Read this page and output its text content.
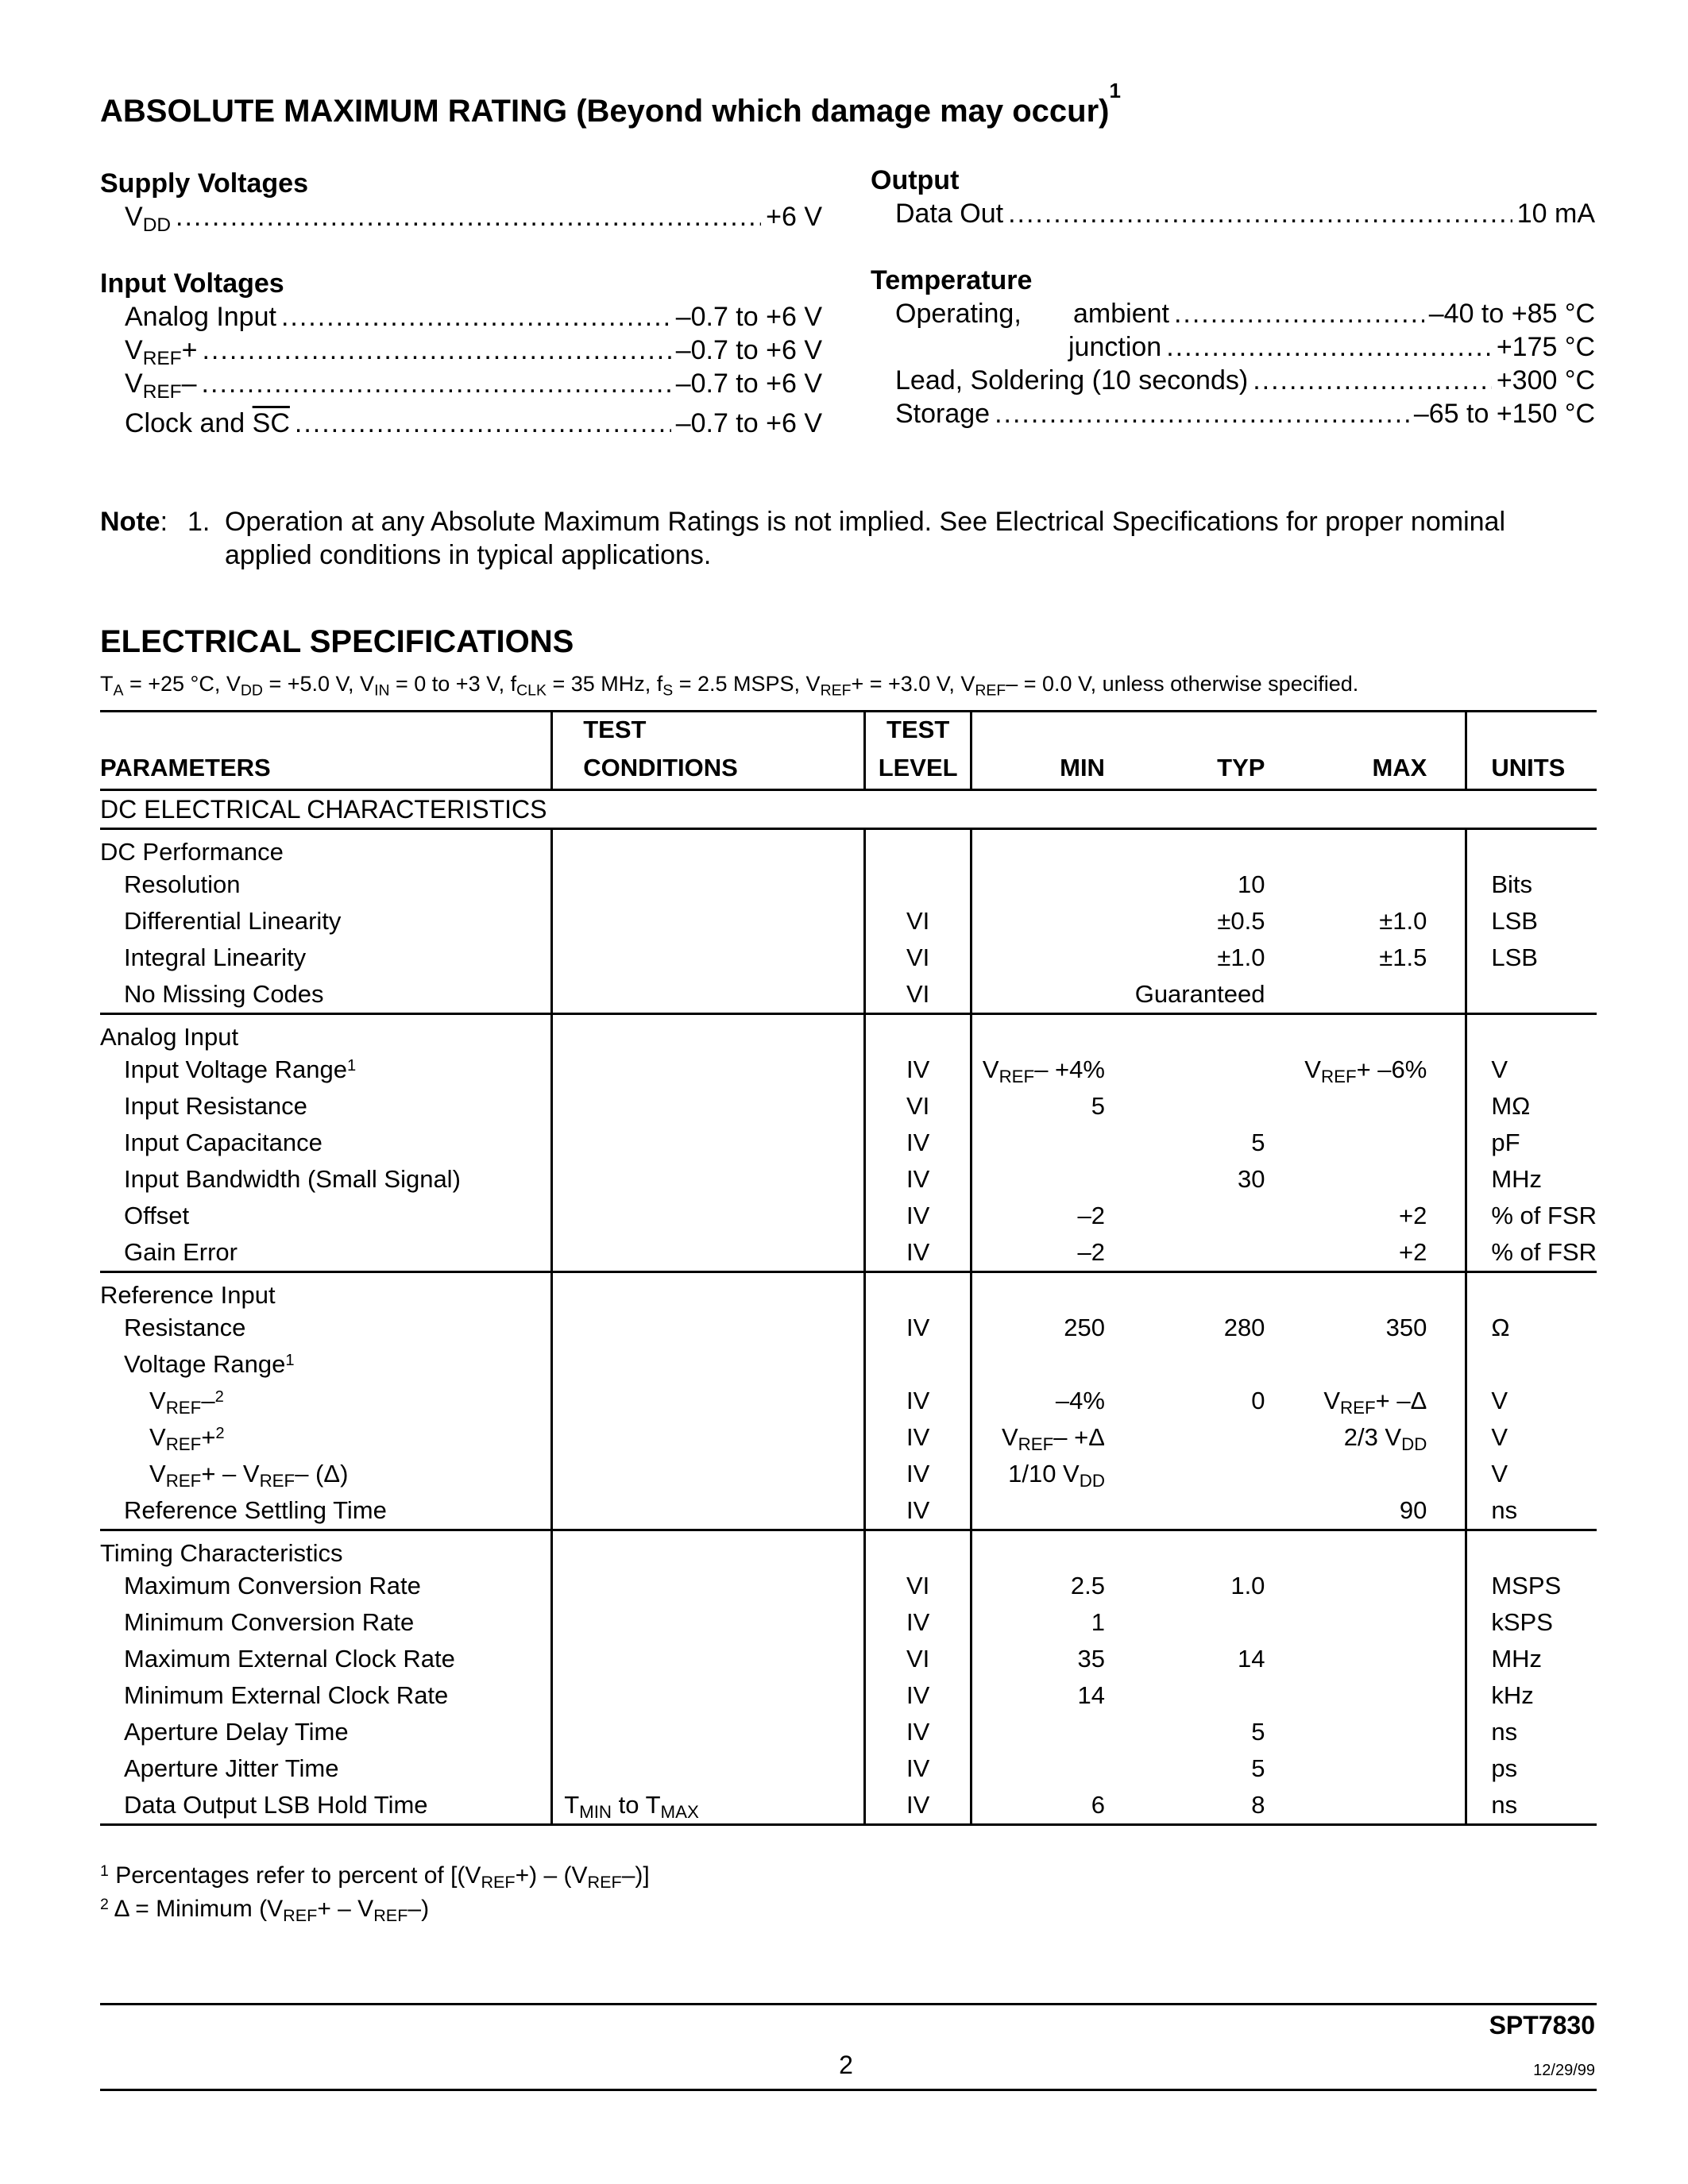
ABSOLUTE MAXIMUM RATING (Beyond which damage may occur)$^1$
Supply Voltages
$V_{DD}$ .....	+6 V
Input Voltages
Analog Input .....	–0.7 to +6 V
$V_{REF}+$ .....	–0.7 to +6 V
$V_{REF}-$ .....	–0.7 to +6 V
Clock and $\overline{SC}$ .....	–0.7 to +6 V
Output
Data Out .....	10 mA
Temperature
Operating,	ambient .....	–40 to +85 °C
junction .....	+175 °C
Lead, Soldering (10 seconds) .....	+300 °C
Storage .....	–65 to +150 °C
Note: 1. Operation at any Absolute Maximum Ratings is not implied. See Electrical Specifications for proper nominal applied conditions in typical applications.
ELECTRICAL SPECIFICATIONS
$T_A = +25$ °C, $V_{DD} = +5.0$ V, $V_{IN} = 0$ to +3 V, $f_{CLK} = 35$ MHz, $f_S = 2.5$ MSPS, $V_{REF}+ = +3.0$ V, $V_{REF}- = 0.0$ V, unless otherwise specified.
	TEST	TEST				
PARAMETERS	CONDITIONS	LEVEL	MIN	TYP	MAX	UNITS
DC ELECTRICAL CHARACTERISTICS						
DC Performance						
Resolution				10		Bits
Differential Linearity		VI		±0.5	±1.0	LSB
Integral Linearity		VI		±1.0	±1.5	LSB
No Missing Codes		VI		Guaranteed		
Analog Input						
Input Voltage Range$^1$		IV	$V_{REF}- +4\%$		$V_{REF}+ -6\%$	V
Input Resistance		VI	5			MΩ
Input Capacitance		IV		5		pF
Input Bandwidth (Small Signal)		IV		30		MHz
Offset		IV	–2		+2	% of FSR
Gain Error		IV	–2		+2	% of FSR
Reference Input						
Resistance		IV	250	280	350	Ω
Voltage Range$^1$						
$V_{REF}-^2$		IV	–4%	0	$V_{REF}+ -\Delta$	V
$V_{REF}+^2$		IV	$V_{REF}- +\Delta$		2/3 $V_{DD}$	V
$V_{REF}+ - V_{REF}-$ (Δ)		IV	1/10 $V_{DD}$			V
Reference Settling Time		IV			90	ns
Timing Characteristics						
Maximum Conversion Rate		VI	2.5	1.0		MSPS
Minimum Conversion Rate		IV	1			kSPS
Maximum External Clock Rate		VI	35	14		MHz
Minimum External Clock Rate		IV	14			kHz
Aperture Delay Time		IV		5		ns
Aperture Jitter Time		IV		5		ps
Data Output LSB Hold Time	$T_{MIN}$ to $T_{MAX}$	IV	6	8		ns
$^1$ Percentages refer to percent of $[(V_{REF}+) - (V_{REF}-)]$
$^2$ Δ = Minimum $(V_{REF}+ - V_{REF}-)$
SPT7830
2	12/29/99
